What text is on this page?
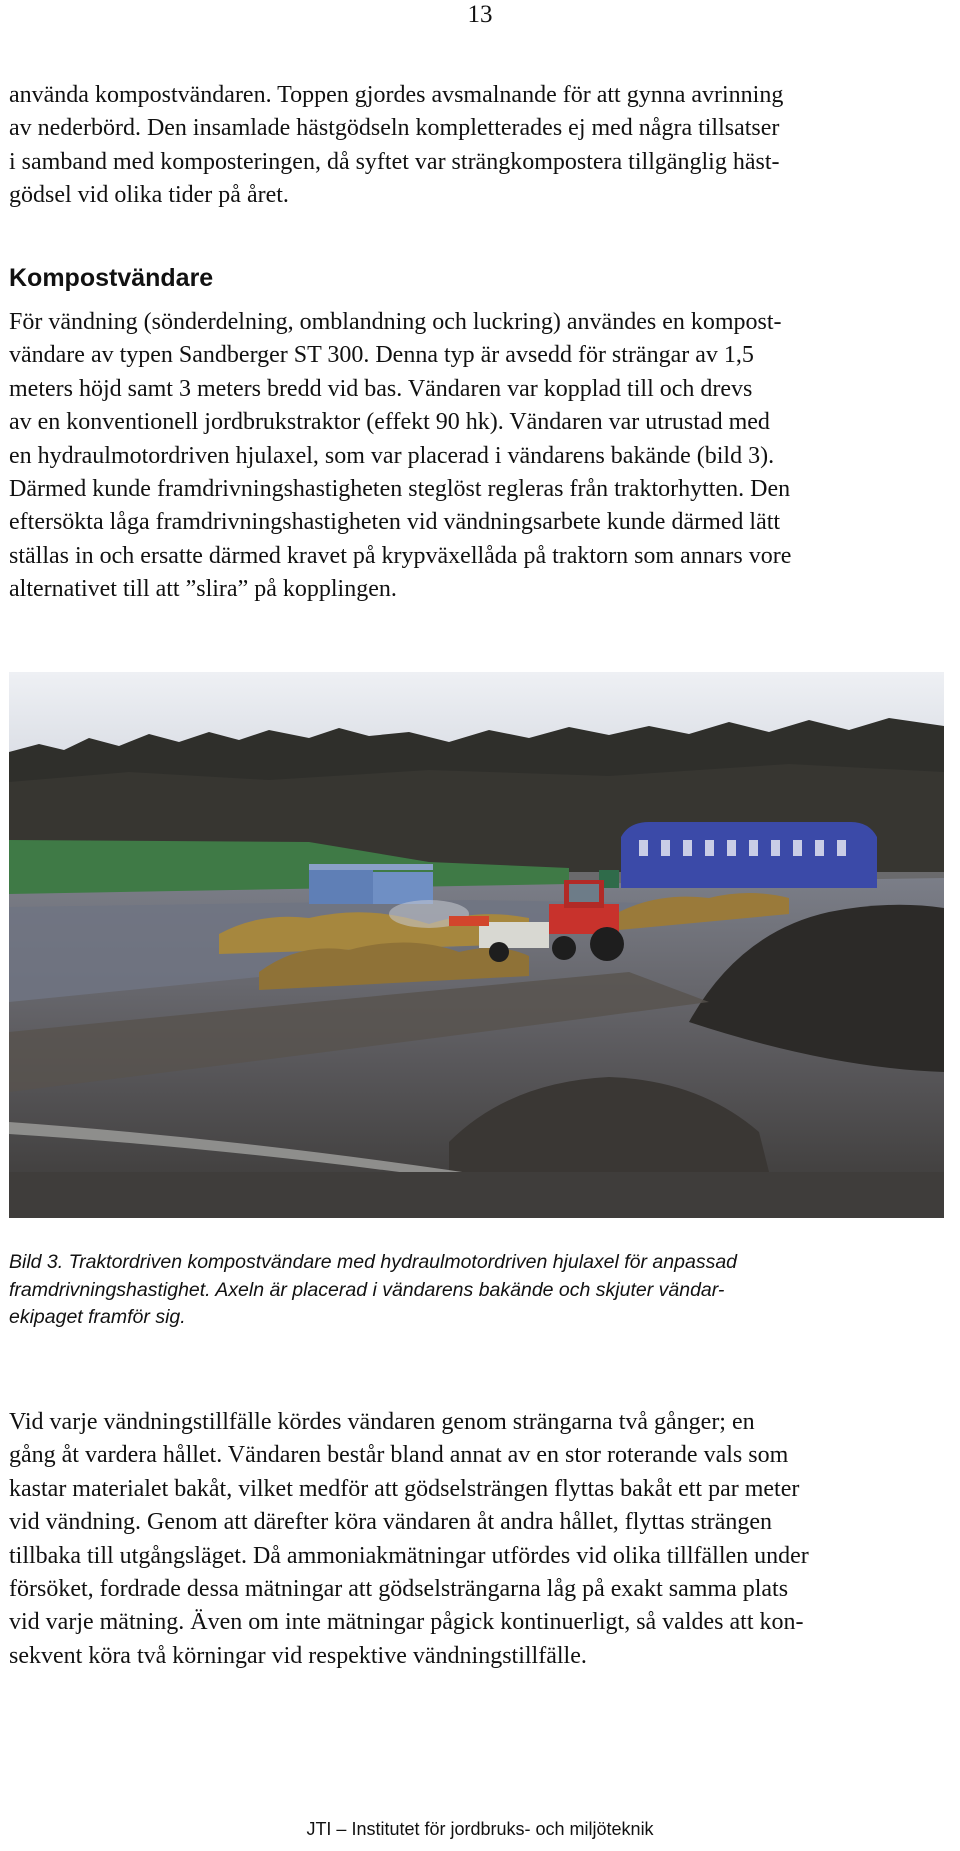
13

använda kompostvändaren. Toppen gjordes avsmalnande för att gynna avrinning
av nederbörd. Den insamlade hästgödseln kompletterades ej med några tillsatser
i samband med komposteringen, då syftet var strängkompostera tillgänglig häst-
gödsel vid olika tider på året.

Kompostvändare

För vändning (sönderdelning, omblandning och luckring) användes en kompost-
vändare av typen Sandberger ST 300. Denna typ är avsedd för strängar av 1,5
meters höjd samt 3 meters bredd vid bas. Vändaren var kopplad till och drevs
av en konventionell jordbrukstraktor (effekt 90 hk). Vändaren var utrustad med
en hydraulmotordriven hjulaxel, som var placerad i vändarens bakände (bild 3).
Därmed kunde framdrivningshastigheten steglöst regleras från traktorhytten. Den
eftersökta låga framdrivningshastigheten vid vändningsarbete kunde därmed lätt
ställas in och ersatte därmed kravet på krypväxellåda på traktorn som annars vore
alternativet till att ”slira” på kopplingen.

Bild 3. Traktordriven kompostvändare med hydraulmotordriven hjulaxel för anpassad
framdrivningshastighet. Axeln är placerad i vändarens bakände och skjuter vändar-
ekipaget framför sig.

Vid varje vändningstillfälle kördes vändaren genom strängarna två gånger; en
gång åt vardera hållet. Vändaren består bland annat av en stor roterande vals som
kastar materialet bakåt, vilket medför att gödselsträngen flyttas bakåt ett par meter
vid vändning. Genom att därefter köra vändaren åt andra hållet, flyttas strängen
tillbaka till utgångsläget. Då ammoniakmätningar utfördes vid olika tillfällen under
försöket, fordrade dessa mätningar att gödselsträngarna låg på exakt samma plats
vid varje mätning. Även om inte mätningar pågick kontinuerligt, så valdes att kon-
sekvent köra två körningar vid respektive vändningstillfälle.

JTI – Institutet för jordbruks- och miljöteknik
